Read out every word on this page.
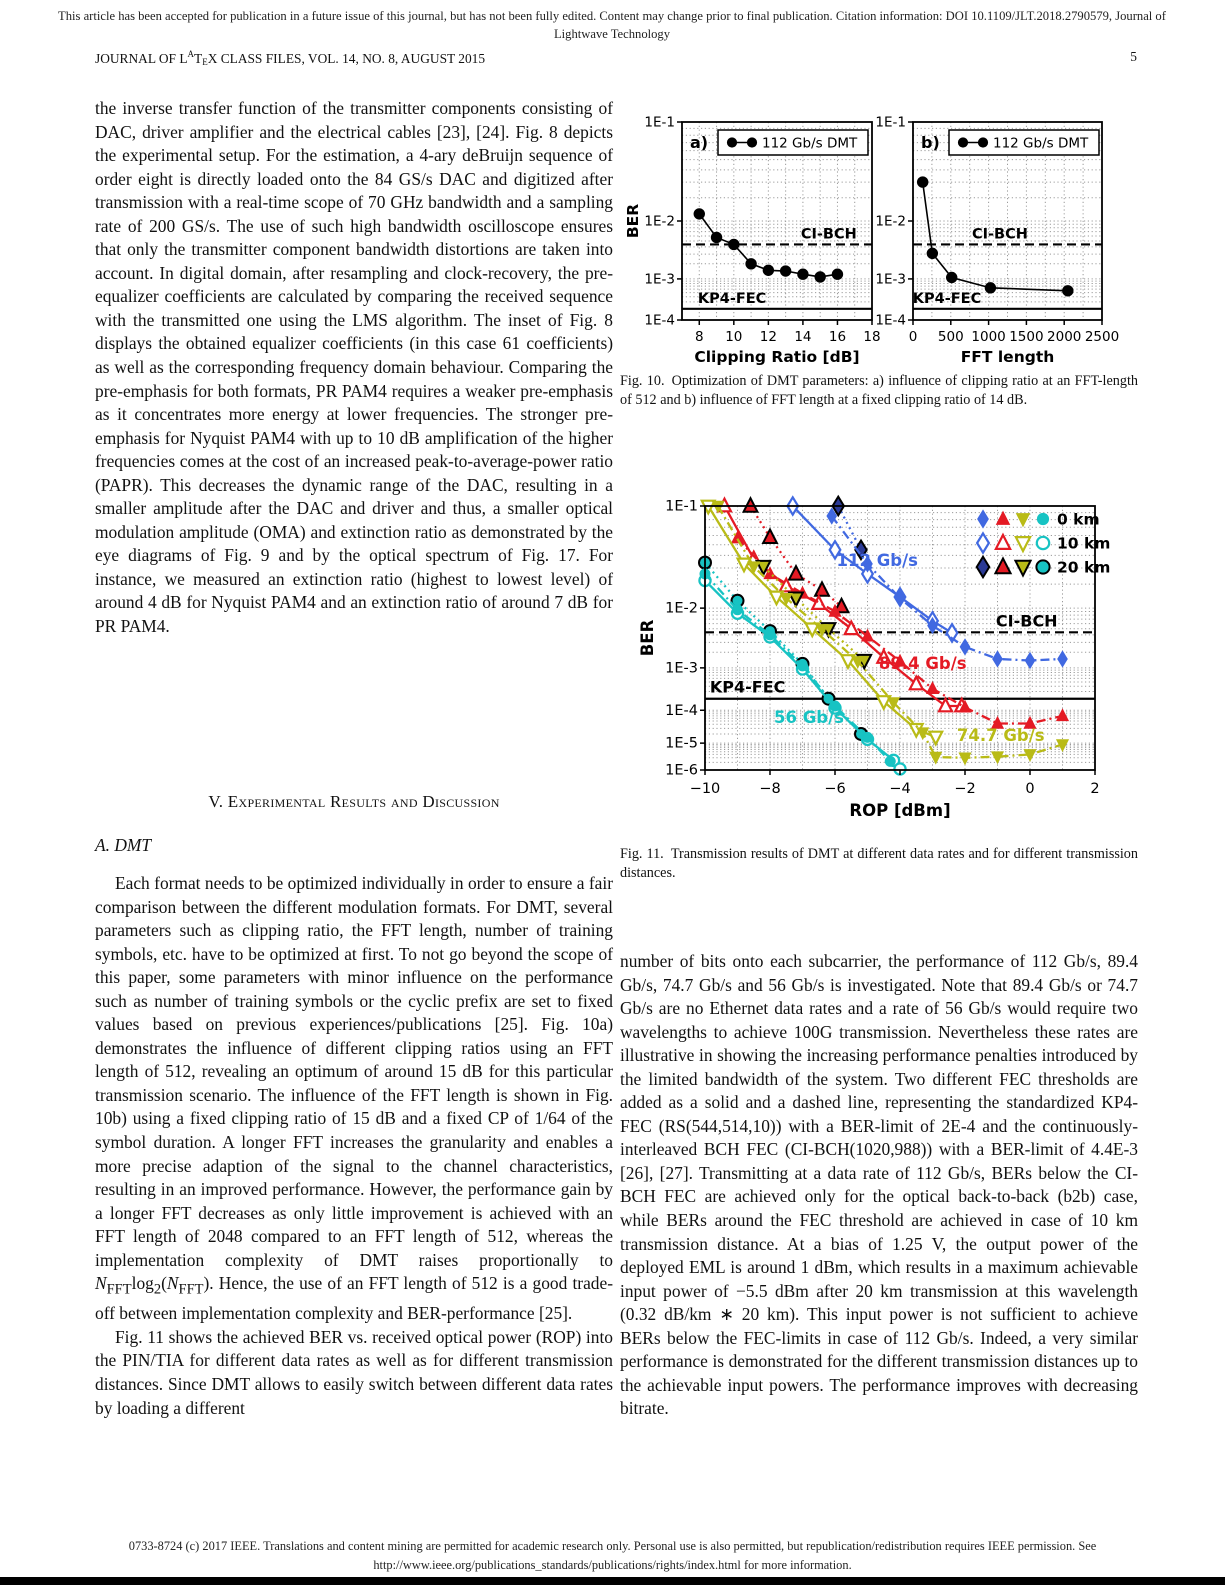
This article has been accepted for publication in a future issue of this journal, but has not been fully edited. Content may change prior to final publication. Citation information: DOI 10.1109/JLT.2018.2790579, Journal of Lightwave Technology
JOURNAL OF $L^AT_EX$ CLASS FILES, VOL. 14, NO. 8, AUGUST 2015	5

the inverse transfer function of the transmitter components consisting of DAC, driver amplifier and the electrical cables [23], [24]. Fig. 8 depicts the experimental setup. For the estimation, a 4-ary deBruijn sequence of order eight is directly loaded onto the 84 GS/s DAC and digitized after transmission with a real-time scope of 70 GHz bandwidth and a sampling rate of 200 GS/s. The use of such high bandwidth oscilloscope ensures that only the transmitter component bandwidth distortions are taken into account. In digital domain, after resampling and clock-recovery, the pre-equalizer coefficients are calculated by comparing the received sequence with the transmitted one using the LMS algorithm. The inset of Fig. 8 displays the obtained equalizer coefficients (in this case 61 coefficients) as well as the corresponding frequency domain behaviour. Comparing the pre-emphasis for both formats, PR PAM4 requires a weaker pre-emphasis as it concentrates more energy at lower frequencies. The stronger pre-emphasis for Nyquist PAM4 with up to 10 dB amplification of the higher frequencies comes at the cost of an increased peak-to-average-power ratio (PAPR). This decreases the dynamic range of the DAC, resulting in a smaller amplitude after the DAC and driver and thus, a smaller optical modulation amplitude (OMA) and extinction ratio as demonstrated by the eye diagrams of Fig. 9 and by the optical spectrum of Fig. 17. For instance, we measured an extinction ratio (highest to lowest level) of around 4 dB for Nyquist PAM4 and an extinction ratio of around 7 dB for PR PAM4.

V. Experimental Results and Discussion
A. DMT

Each format needs to be optimized individually in order to ensure a fair comparison between the different modulation formats. For DMT, several parameters such as clipping ratio, the FFT length, number of training symbols, etc. have to be optimized at first. To not go beyond the scope of this paper, some parameters with minor influence on the performance such as number of training symbols or the cyclic prefix are set to fixed values based on previous experiences/publications [25]. Fig. 10a) demonstrates the influence of different clipping ratios using an FFT length of 512, revealing an optimum of around 15 dB for this particular transmission scenario. The influence of the FFT length is shown in Fig. 10b) using a fixed clipping ratio of 15 dB and a fixed CP of 1/64 of the symbol duration. A longer FFT increases the granularity and enables a more precise adaption of the signal to the channel characteristics, resulting in an improved performance. However, the performance gain by a longer FFT decreases as only little improvement is achieved with an FFT length of 2048 compared to an FFT length of 512, whereas the implementation complexity of DMT raises proportionally to $N_{FFT}\log_2(N_{FFT})$. Hence, the use of an FFT length of 512 is a good trade-off between implementation complexity and BER-performance [25].

Fig. 11 shows the achieved BER vs. received optical power (ROP) into the PIN/TIA for different data rates as well as for different transmission distances. Since DMT allows to easily switch between different data rates by loading a different

CI-BCH
KP4-FEC
8 10 12 14 16 18
1E-1
1E-2
1E-3
1E-4
Clipping Ratio [dB]
BER
a)	112 Gb/s DMT
CI-BCH
KP4-FEC
0 500 1000 1500 2000 2500
1E-1
1E-2
1E-3
1E-4
FFT length
b)	112 Gb/s DMT
Fig. 10. Optimization of DMT parameters: a) influence of clipping ratio at an FFT-length of 512 and b) influence of FFT length at a fixed clipping ratio of 14 dB.
CI-BCH
KP4-FEC
112 Gb/s
89.4 Gb/s
74.7 Gb/s
56 Gb/s
−10	−8	−6	−4	−2	0	2
1E-1
1E-2
1E-3
1E-4
1E-5
1E-6
ROP [dBm]
BER
0 km
10 km
20 km
Fig. 11. Transmission results of DMT at different data rates and for different transmission distances.

number of bits onto each subcarrier, the performance of 112 Gb/s, 89.4 Gb/s, 74.7 Gb/s and 56 Gb/s is investigated. Note that 89.4 Gb/s or 74.7 Gb/s are no Ethernet data rates and a rate of 56 Gb/s would require two wavelengths to achieve 100G transmission. Nevertheless these rates are illustrative in showing the increasing performance penalties introduced by the limited bandwidth of the system. Two different FEC thresholds are added as a solid and a dashed line, representing the standardized KP4-FEC (RS(544,514,10)) with a BER-limit of 2E-4 and the continuously-interleaved BCH FEC (CI-BCH(1020,988)) with a BER-limit of 4.4E-3 [26], [27]. Transmitting at a data rate of 112 Gb/s, BERs below the CI-BCH FEC are achieved only for the optical back-to-back (b2b) case, while BERs around the FEC threshold are achieved in case of 10 km transmission distance. At a bias of 1.25 V, the output power of the deployed EML is around 1 dBm, which results in a maximum achievable input power of −5.5 dBm after 20 km transmission at this wavelength (0.32 dB/km ∗ 20 km). This input power is not sufficient to achieve BERs below the FEC-limits in case of 112 Gb/s. Indeed, a very similar performance is demonstrated for the different transmission distances up to the achievable input powers. The performance improves with decreasing bitrate.

0733-8724 (c) 2017 IEEE. Translations and content mining are permitted for academic research only. Personal use is also permitted, but republication/redistribution requires IEEE permission. See
http://www.ieee.org/publications_standards/publications/rights/index.html for more information.
